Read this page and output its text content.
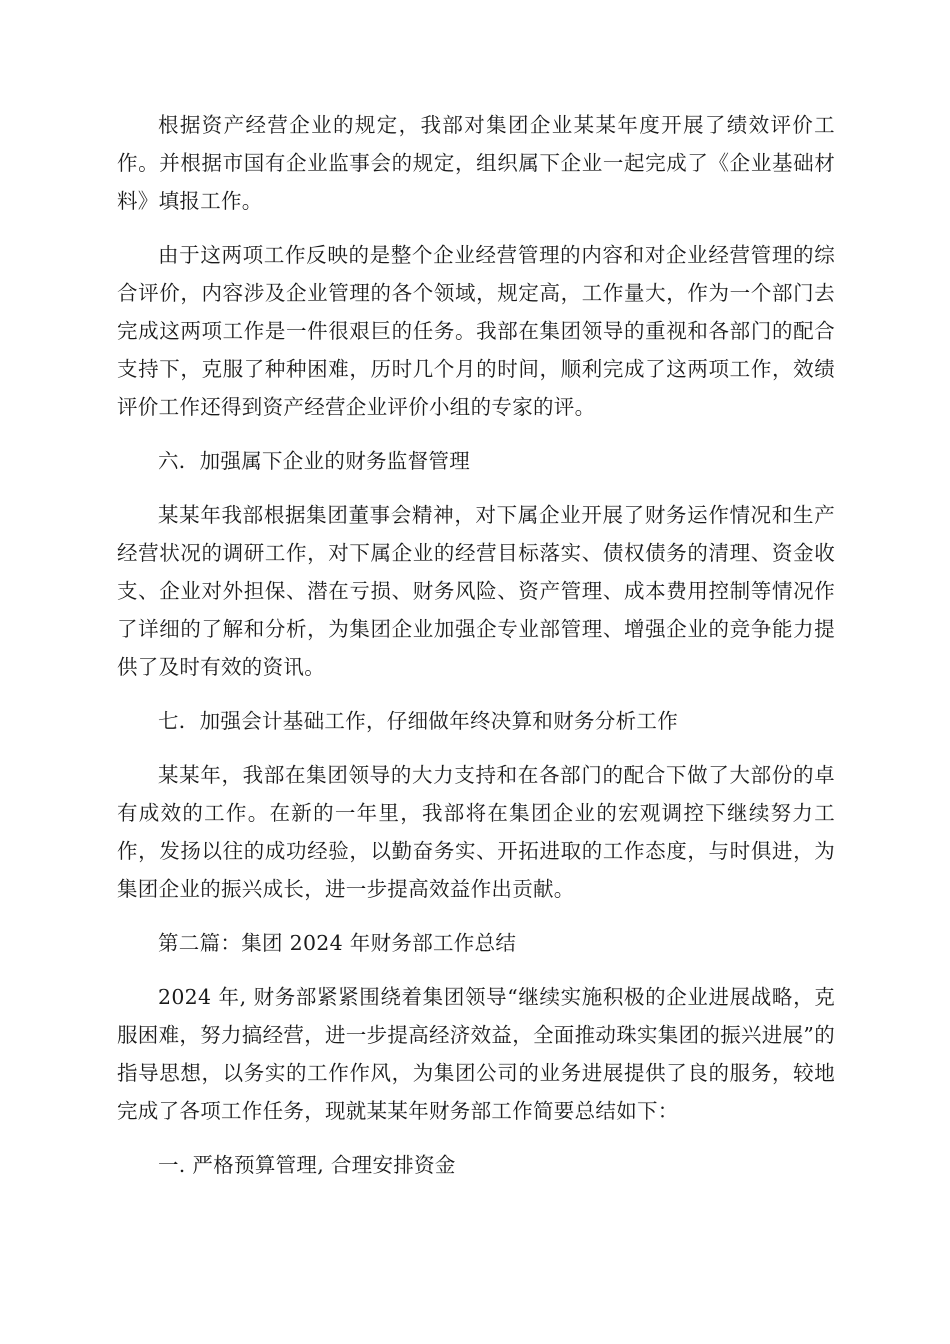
根据资产经营企业的规定，我部对集团企业某某年度开展了绩效评价工作。并根据市国有企业监事会的规定，组织属下企业一起完成了《企业基础材料》填报工作。

由于这两项工作反映的是整个企业经营管理的内容和对企业经营管理的综合评价，内容涉及企业管理的各个领域，规定高，工作量大，作为一个部门去完成这两项工作是一件很艰巨的任务。我部在集团领导的重视和各部门的配合支持下，克服了种种困难，历时几个月的时间，顺利完成了这两项工作，效绩评价工作还得到资产经营企业评价小组的专家的评。

六．加强属下企业的财务监督管理

某某年我部根据集团董事会精神，对下属企业开展了财务运作情况和生产经营状况的调研工作，对下属企业的经营目标落实、债权债务的清理、资金收支、企业对外担保、潜在亏损、财务风险、资产管理、成本费用控制等情况作了详细的了解和分析，为集团企业加强企专业部管理、增强企业的竞争能力提供了及时有效的资讯。

七．加强会计基础工作，仔细做年终决算和财务分析工作

某某年，我部在集团领导的大力支持和在各部门的配合下做了大部份的卓有成效的工作。在新的一年里，我部将在集团企业的宏观调控下继续努力工作，发扬以往的成功经验，以勤奋务实、开拓进取的工作态度，与时俱进，为集团企业的振兴成长，进一步提高效益作出贡献。

第二篇：集团 2024 年财务部工作总结

2024 年, 财务部紧紧围绕着集团领导“继续实施积极的企业进展战略，克服困难，努力搞经营，进一步提高经济效益，全面推动珠实集团的振兴进展”的指导思想，以务实的工作作风，为集团公司的业务进展提供了良的服务，较地完成了各项工作任务，现就某某年财务部工作简要总结如下：

一. 严格预算管理, 合理安排资金
